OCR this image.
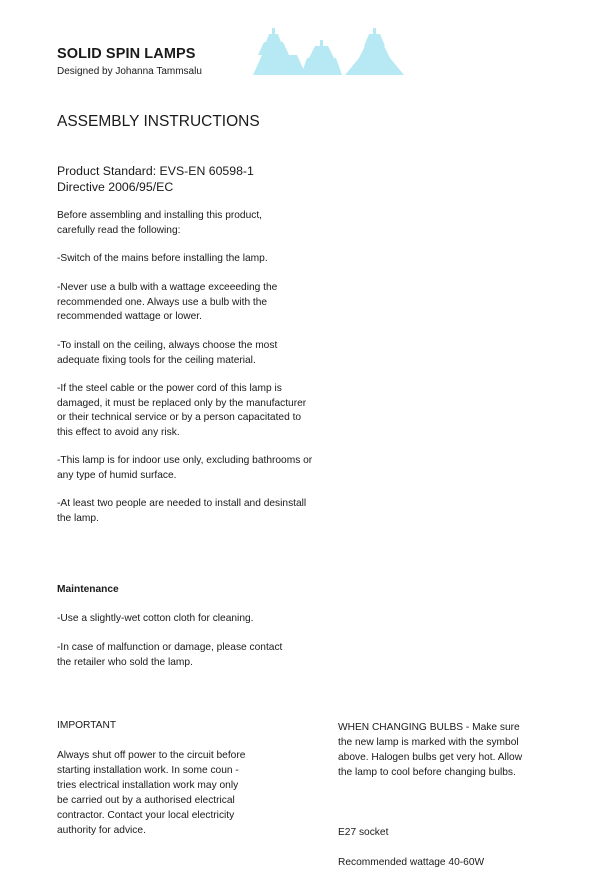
SOLID SPIN LAMPS
Designed by Johanna Tammsalu
ASSEMBLY INSTRUCTIONS
Product Standard: EVS-EN 60598-1
Directive 2006/95/EC

Before assembling and installing this product,
carefully read the following:

-Switch of the mains before installing the lamp.

-Never use a bulb with a wattage exceeeding the
recommended one. Always use a bulb with the
recommended wattage or lower.

-To install on the ceiling, always choose the most
adequate fixing tools for the ceiling material.

-If the steel cable or the power cord of this lamp is
damaged, it must be replaced only by the manufacturer
or their technical service or by a person capacitated to
this effect to avoid any risk.

-This lamp is for indoor use only, excluding bathrooms or
any type of humid surface.

-At least two people are needed to install and desinstall
the lamp.

Maintenance

-Use a slightly-wet cotton cloth for cleaning.

-In case of malfunction or damage, please contact
the retailer who sold the lamp.

IMPORTANT

Always shut off power to the circuit before
starting installation work. In some coun -
tries electrical installation work may only
be carried out by a authorised electrical
contractor. Contact your local electricity
authority for advice.

WHEN CHANGING BULBS - Make sure
the new lamp is marked with the symbol
above. Halogen bulbs get very hot. Allow
the lamp to cool before changing bulbs.

E27 socket

Recommended wattage 40-60W
